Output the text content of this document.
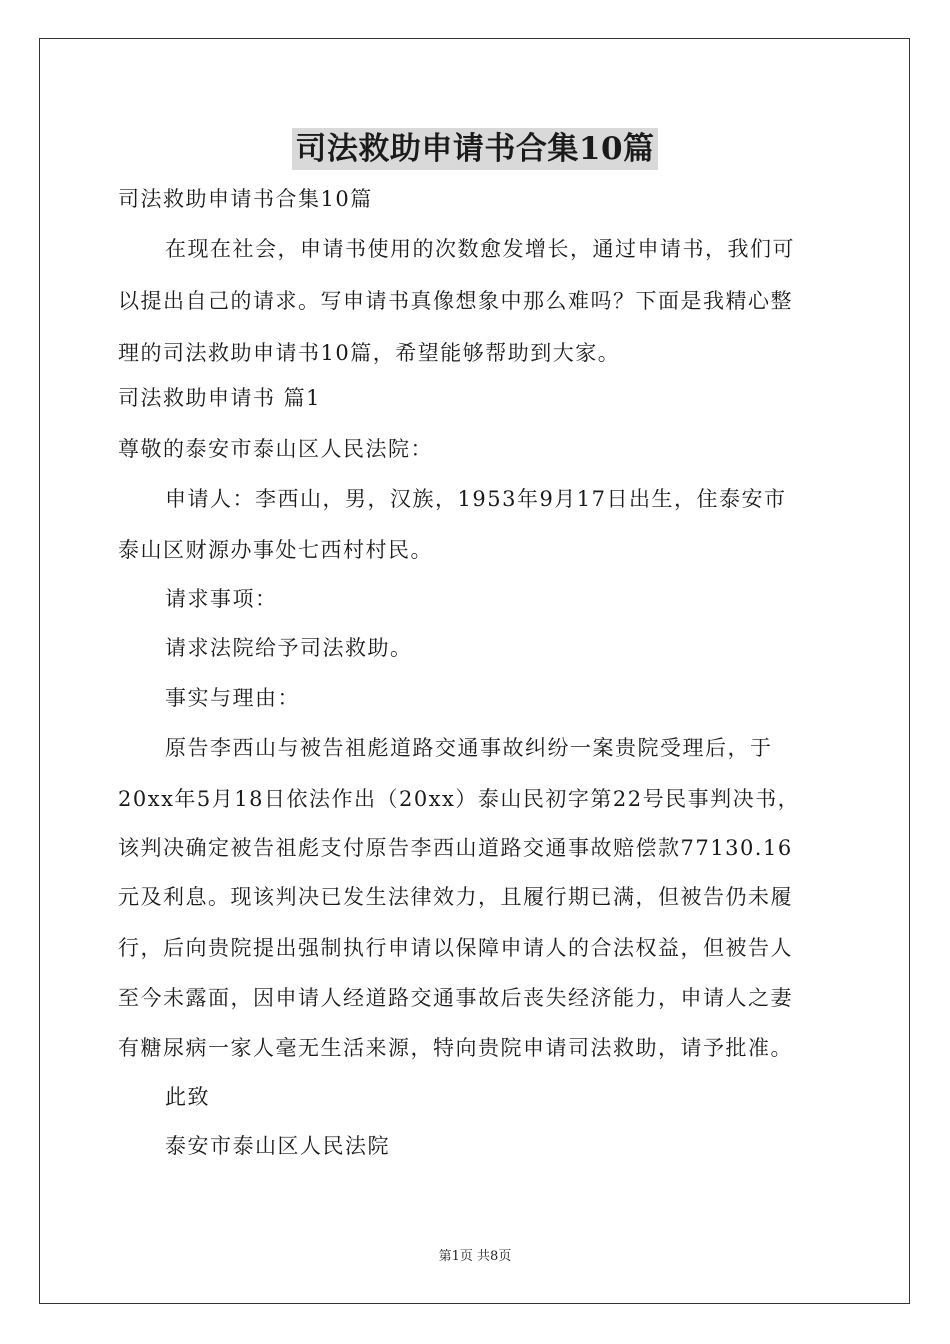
司法救助申请书合集10篇
司法救助申请书合集10篇
在现在社会，申请书使用的次数愈发增长，通过申请书，我们可
以提出自己的请求。写申请书真像想象中那么难吗？下面是我精心整
理的司法救助申请书10篇，希望能够帮助到大家。
司法救助申请书 篇1
尊敬的泰安市泰山区人民法院：
申请人：李西山，男，汉族，1953年9月17日出生，住泰安市
泰山区财源办事处七西村村民。
请求事项：
请求法院给予司法救助。
事实与理由：
原告李西山与被告祖彪道路交通事故纠纷一案贵院受理后，于
20xx年5月18日依法作出（20xx）泰山民初字第22号民事判决书，
该判决确定被告祖彪支付原告李西山道路交通事故赔偿款77130.16
元及利息。现该判决已发生法律效力，且履行期已满，但被告仍未履
行，后向贵院提出强制执行申请以保障申请人的合法权益，但被告人
至今未露面，因申请人经道路交通事故后丧失经济能力，申请人之妻
有糖尿病一家人毫无生活来源，特向贵院申请司法救助，请予批准。
此致
泰安市泰山区人民法院
第1页 共8页
